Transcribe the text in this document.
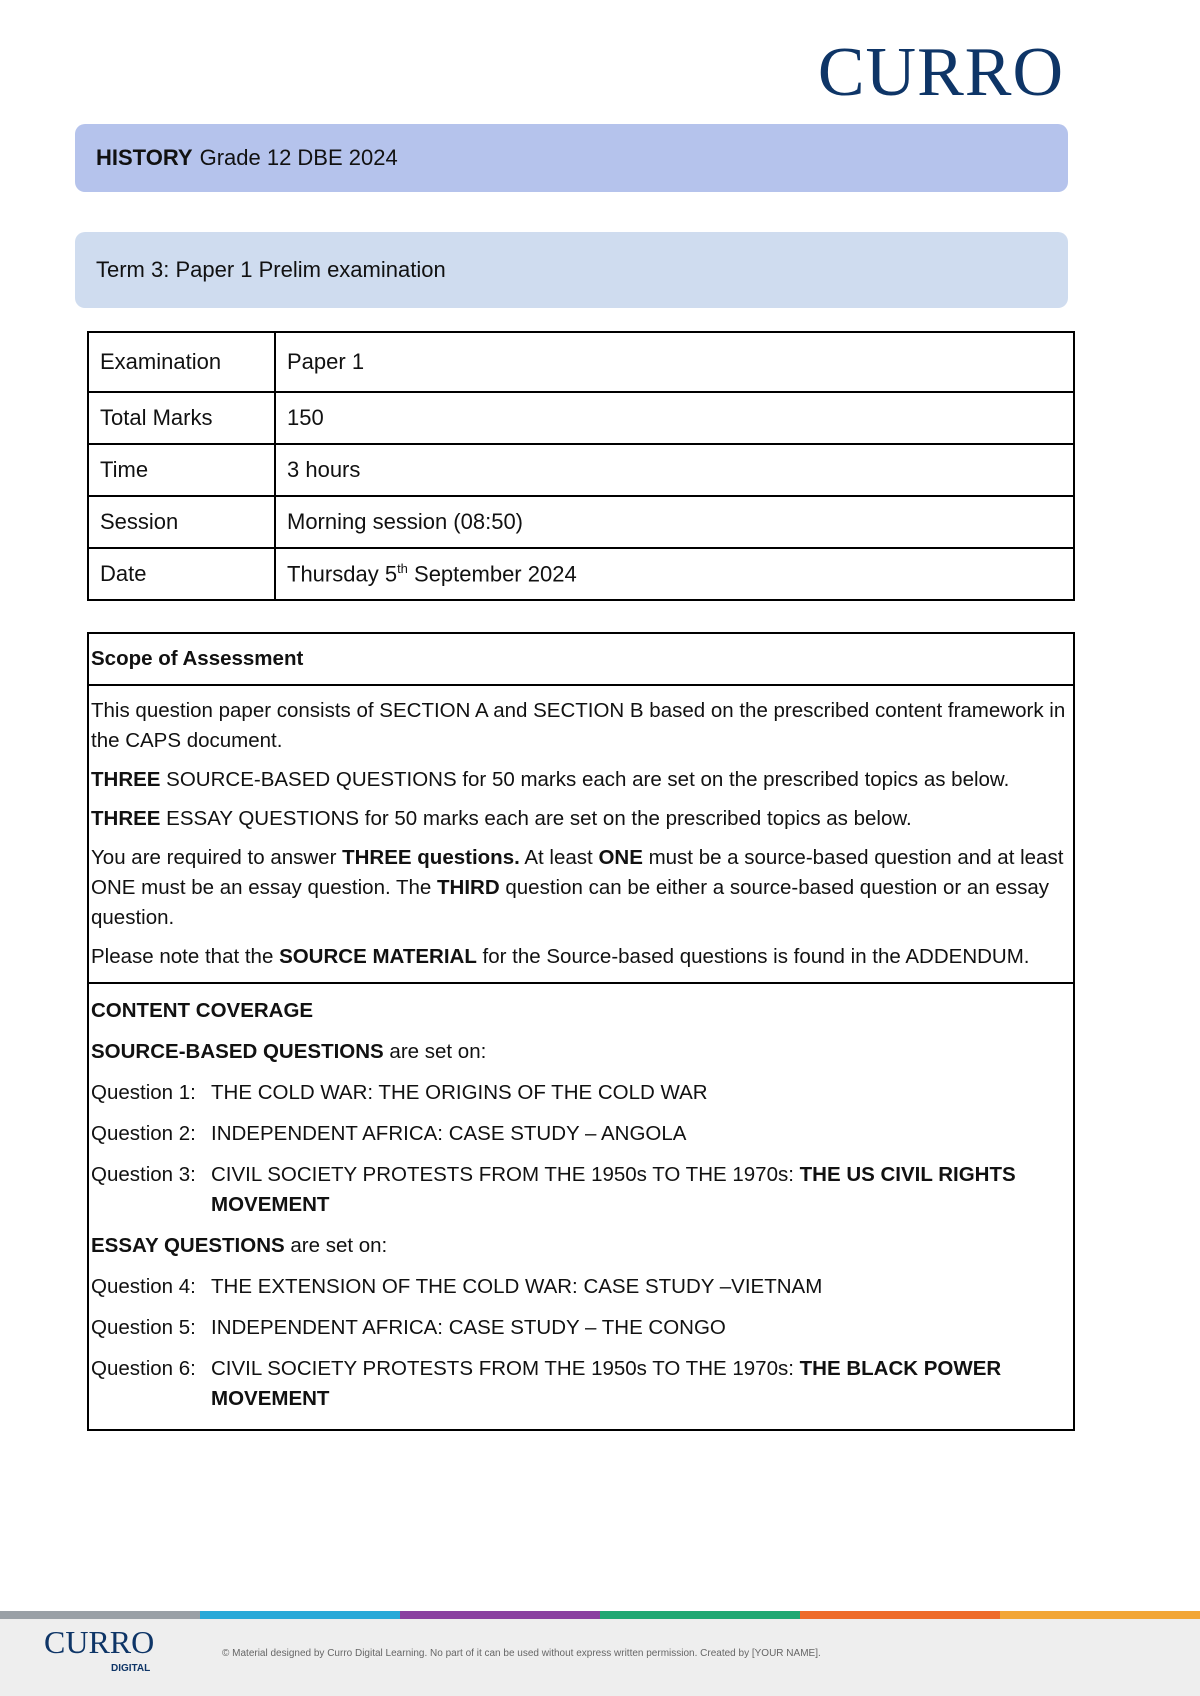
CURRO
HISTORY Grade 12 DBE 2024
Term 3: Paper 1 Prelim examination
Examination	Paper 1
Total Marks	150
Time	3 hours
Session	Morning session (08:50)
Date	Thursday 5th September 2024
Scope of Assessment

This question paper consists of SECTION A and SECTION B based on the prescribed content framework in the CAPS document.

THREE SOURCE-BASED QUESTIONS for 50 marks each are set on the prescribed topics as below.

THREE ESSAY QUESTIONS for 50 marks each are set on the prescribed topics as below.

You are required to answer THREE questions. At least ONE must be a source-based question and at least ONE must be an essay question. The THIRD question can be either a source-based question or an essay question.

Please note that the SOURCE MATERIAL for the Source-based questions is found in the ADDENDUM.

CONTENT COVERAGE

SOURCE-BASED QUESTIONS are set on:

Question 1: THE COLD WAR: THE ORIGINS OF THE COLD WAR

Question 2: INDEPENDENT AFRICA: CASE STUDY – ANGOLA

Question 3: CIVIL SOCIETY PROTESTS FROM THE 1950s TO THE 1970s: THE US CIVIL RIGHTS MOVEMENT

ESSAY QUESTIONS are set on:

Question 4: THE EXTENSION OF THE COLD WAR: CASE STUDY –VIETNAM

Question 5: INDEPENDENT AFRICA: CASE STUDY – THE CONGO

Question 6: CIVIL SOCIETY PROTESTS FROM THE 1950s TO THE 1970s: THE BLACK POWER MOVEMENT

CURRO
DIGITAL
© Material designed by Curro Digital Learning. No part of it can be used without express written permission. Created by [YOUR NAME].
